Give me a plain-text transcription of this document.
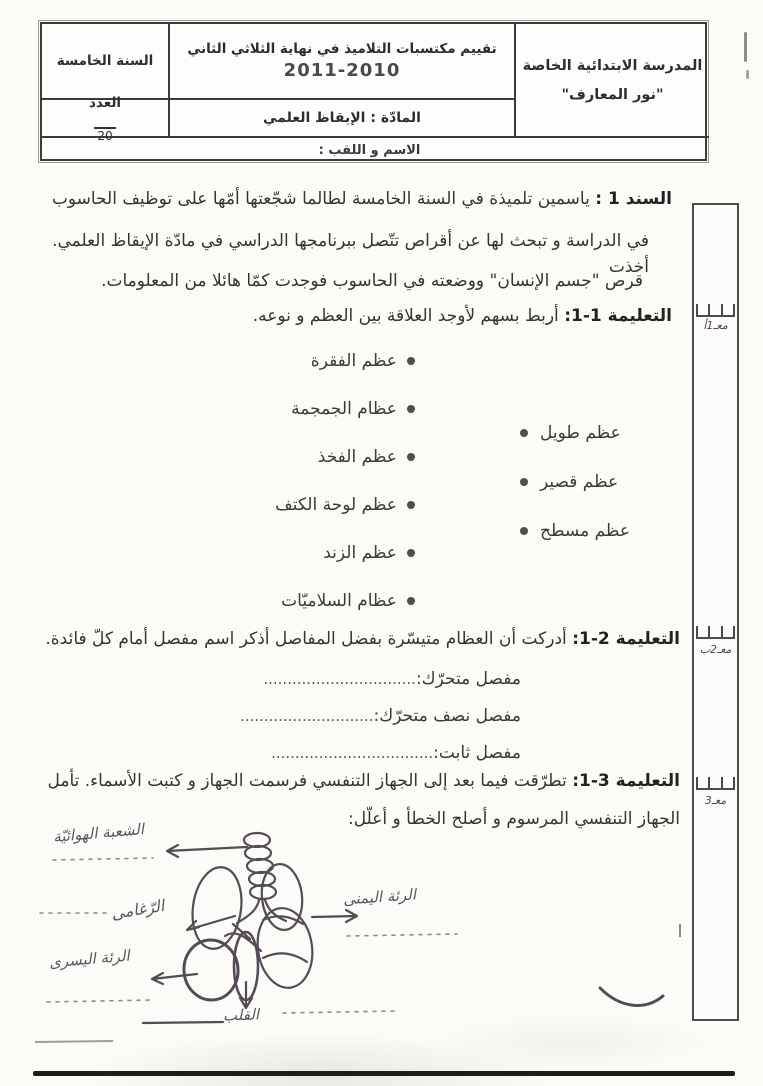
السنة الخامسة
العدد
20
تقييم مكتسبات التلاميذ في نهاية الثلاثي الثاني
2011-2010
المادّة : الإيقاظ العلمي
المدرسة الابتدائية الخاصة
"نور المعارف"
الاسم و اللقب :
السند 1 : ياسمين تلميذة في السنة الخامسة لطالما شجّعتها أمّها على توظيف الحاسوب
في الدراسة و تبحث لها عن أقراص تتّصل ببرنامجها الدراسي في مادّة الإيقاظ العلمي. أخذت
قرص "جسم الإنسان" ووضعته في الحاسوب فوجدت كمّا هائلا من المعلومات.
التعليمة 1-1: أربط بسهم لأوجد العلاقة بين العظم و نوعه.
عظم الفقرة
عظام الجمجمة
عظم الفخذ
عظم لوحة الكتف
عظم الزند
عظام السلاميّات
عظم طويل
عظم قصير
عظم مسطح
التعليمة 2-1: أدركت أن العظام متيسّرة بفضل المفاصل أذكر اسم مفصل أمام كلّ فائدة.
مفصل متحرّك:................................
مفصل نصف متحرّك:............................
مفصل ثابت:..................................
التعليمة 3-1: تطرّقت فيما بعد إلى الجهاز التنفسي فرسمت الجهاز و كتبت الأسماء. تأمل
الجهاز التنفسي المرسوم و أصلح الخطأ و أعلّل:
الشعبة الهوائيّة
الرّغامى	الرئة اليمنى
الرئة اليسرى
القلب
معـ1أ
معـ2ب
معـ3
